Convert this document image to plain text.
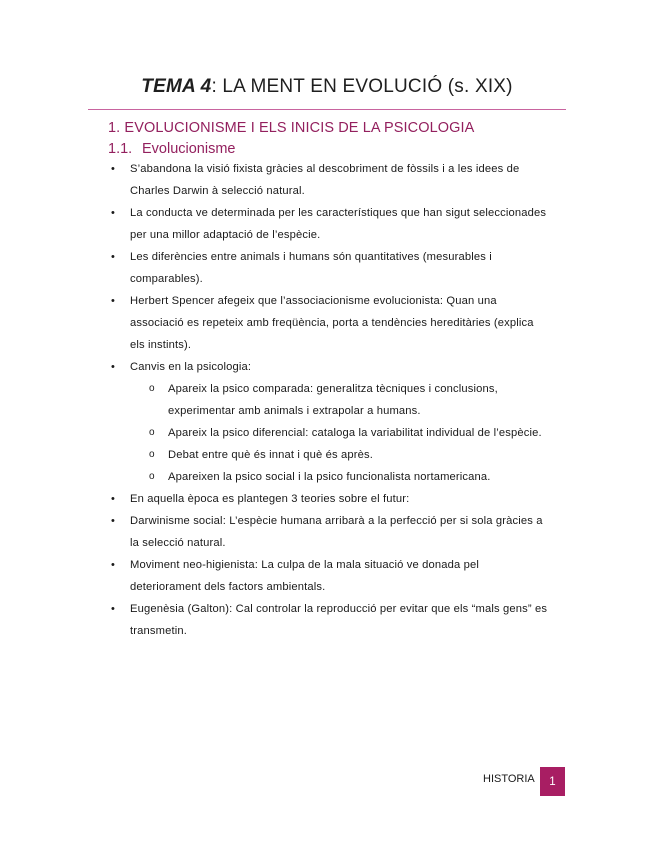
TEMA 4: LA MENT EN EVOLUCIÓ (s. XIX)
1. EVOLUCIONISME I ELS INICIS DE LA PSICOLOGIA
1.1. Evolucionisme
• S’abandona la visió fixista gràcies al descobriment de fòssils i a les idees de Charles Darwin à selecció natural.
• La conducta ve determinada per les característiques que han sigut seleccionades per una millor adaptació de l’espècie.
• Les diferències entre animals i humans són quantitatives (mesurables i comparables).
• Herbert Spencer afegeix que l’associacionisme evolucionista: Quan una associació es repeteix amb freqüència, porta a tendències hereditàries (explica els instints).
• Canvis en la psicologia:
o Apareix la psico comparada: generalitza tècniques i conclusions, experimentar amb animals i extrapolar a humans.
o Apareix la psico diferencial: cataloga la variabilitat individual de l’espècie.
o Debat entre què és innat i què és après.
o Apareixen la psico social i la psico funcionalista nortamericana.
• En aquella època es plantegen 3 teories sobre el futur:
• Darwinisme social: L’espècie humana arribarà a la perfecció per si sola gràcies a la selecció natural.
• Moviment neo-higienista: La culpa de la mala situació ve donada pel deteriorament dels factors ambientals.
• Eugenèsia (Galton): Cal controlar la reproducció per evitar que els “mals gens” es transmetin.
HISTORIA 1
